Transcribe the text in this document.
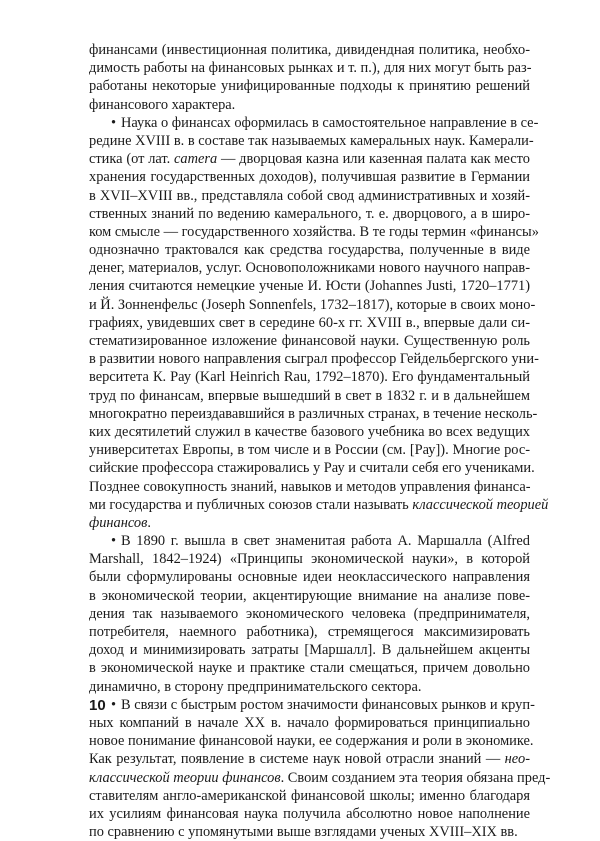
финансами (инвестиционная политика, дивидендная политика, необхо-
димость работы на финансовых рынках и т. п.), для них могут быть раз-
работаны некоторые унифицированные подходы к принятию решений
финансового характера.
• Наука о финансах оформилась в самостоятельное направление в се-
редине XVIII в. в составе так называемых камеральных наук. Камерали-
стика (от лат. camera — дворцовая казна или казенная палата как место
хранения государственных доходов), получившая развитие в Германии
в XVII–XVIII вв., представляла собой свод административных и хозяй-
ственных знаний по ведению камерального, т. е. дворцового, а в широ-
ком смысле — государственного хозяйства. В те годы термин «финансы»
однозначно трактовался как средства государства, полученные в виде
денег, материалов, услуг. Основоположниками нового научного направ-
ления считаются немецкие ученые И. Юсти (Johannes Justi, 1720–1771)
и Й. Зонненфельс (Joseph Sonnenfels, 1732–1817), которые в своих моно-
графиях, увидевших свет в середине 60-х гг. XVIII в., впервые дали си-
стематизированное изложение финансовой науки. Существенную роль
в развитии нового направления сыграл профессор Гейдельбергского уни-
верситета К. Рау (Karl Heinrich Rau, 1792–1870). Его фундаментальный
труд по финансам, впервые вышедший в свет в 1832 г. и в дальнейшем
многократно переиздававшийся в различных странах, в течение несколь-
ких десятилетий служил в качестве базового учебника во всех ведущих
университетах Европы, в том числе и в России (см. [Рау]). Многие рос-
сийские профессора стажировались у Рау и считали себя его учениками.
Позднее совокупность знаний, навыков и методов управления финанса-
ми государства и публичных союзов стали называть классической теорией
финансов.
• В 1890 г. вышла в свет знаменитая работа А. Маршалла (Alfred
Marshall, 1842–1924) «Принципы экономической науки», в которой
были сформулированы основные идеи неоклассического направления
в экономической теории, акцентирующие внимание на анализе пове-
дения так называемого экономического человека (предпринимателя,
потребителя, наемного работника), стремящегося максимизировать
доход и минимизировать затраты [Маршалл]. В дальнейшем акценты
в экономической науке и практике стали смещаться, причем довольно
динамично, в сторону предпринимательского сектора.
• В связи с быстрым ростом значимости финансовых рынков и круп-
ных компаний в начале XX в. начало формироваться принципиально
новое понимание финансовой науки, ее содержания и роли в экономике.
Как результат, появление в системе наук новой отрасли знаний — нео-
классической теории финансов. Своим созданием эта теория обязана пред-
ставителям англо-американской финансовой школы; именно благодаря
их усилиям финансовая наука получила абсолютно новое наполнение
по сравнению с упомянутыми выше взглядами ученых XVIII–XIX вв.
10
